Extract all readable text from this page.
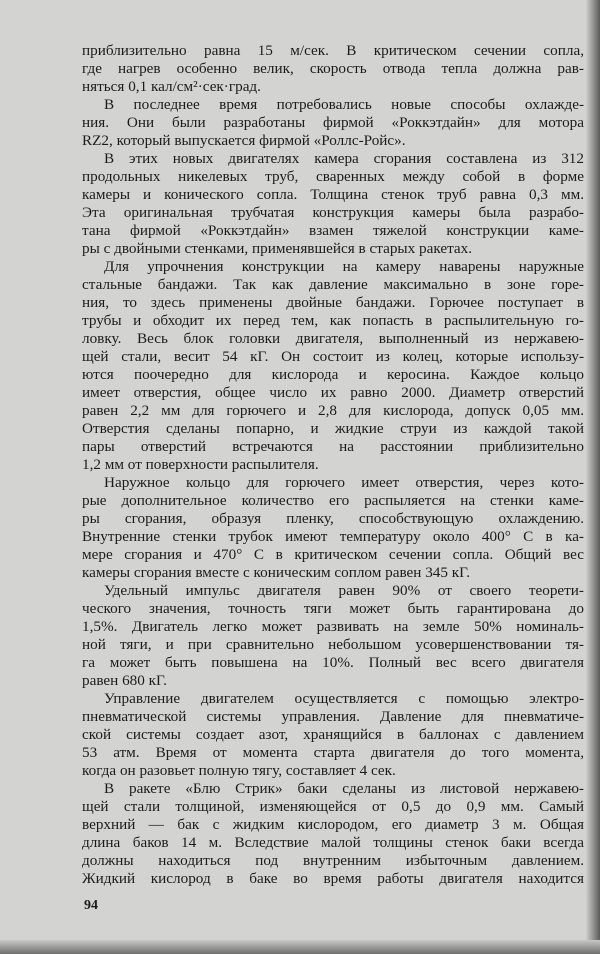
приблизительно равна 15 м/сек. В критическом сечении сопла,
где нагрев особенно велик, скорость отвода тепла должна рав-
няться 0,1 кал/см²·сек·град.
В последнее время потребовались новые способы охлажде-
ния. Они были разработаны фирмой «Роккэтдайн» для мотора
RZ2, который выпускается фирмой «Роллс-Ройс».
В этих новых двигателях камера сгорания составлена из 312
продольных никелевых труб, сваренных между собой в форме
камеры и конического сопла. Толщина стенок труб равна 0,3 мм.
Эта оригинальная трубчатая конструкция камеры была разрабо-
тана фирмой «Роккэтдайн» взамен тяжелой конструкции каме-
ры с двойными стенками, применявшейся в старых ракетах.
Для упрочнения конструкции на камеру наварены наружные
стальные бандажи. Так как давление максимально в зоне горе-
ния, то здесь применены двойные бандажи. Горючее поступает в
трубы и обходит их перед тем, как попасть в распылительную го-
ловку. Весь блок головки двигателя, выполненный из нержавею-
щей стали, весит 54 кГ. Он состоит из колец, которые использу-
ются поочередно для кислорода и керосина. Каждое кольцо
имеет отверстия, общее число их равно 2000. Диаметр отверстий
равен 2,2 мм для горючего и 2,8 для кислорода, допуск 0,05 мм.
Отверстия сделаны попарно, и жидкие струи из каждой такой
пары отверстий встречаются на расстоянии приблизительно
1,2 мм от поверхности распылителя.
Наружное кольцо для горючего имеет отверстия, через кото-
рые дополнительное количество его распыляется на стенки каме-
ры сгорания, образуя пленку, способствующую охлаждению.
Внутренние стенки трубок имеют температуру около 400° С в ка-
мере сгорания и 470° С в критическом сечении сопла. Общий вес
камеры сгорания вместе с коническим соплом равен 345 кГ.
Удельный импульс двигателя равен 90% от своего теорети-
ческого значения, точность тяги может быть гарантирована до
1,5%. Двигатель легко может развивать на земле 50% номиналь-
ной тяги, и при сравнительно небольшом усовершенствовании тя-
га может быть повышена на 10%. Полный вес всего двигателя
равен 680 кГ.
Управление двигателем осуществляется с помощью электро-
пневматической системы управления. Давление для пневматиче-
ской системы создает азот, хранящийся в баллонах с давлением
53 атм. Время от момента старта двигателя до того момента,
когда он разовьет полную тягу, составляет 4 сек.
В ракете «Блю Стрик» баки сделаны из листовой нержавею-
щей стали толщиной, изменяющейся от 0,5 до 0,9 мм. Самый
верхний — бак с жидким кислородом, его диаметр 3 м. Общая
длина баков 14 м. Вследствие малой толщины стенок баки всегда
должны находиться под внутренним избыточным давлением.
Жидкий кислород в баке во время работы двигателя находится
94
